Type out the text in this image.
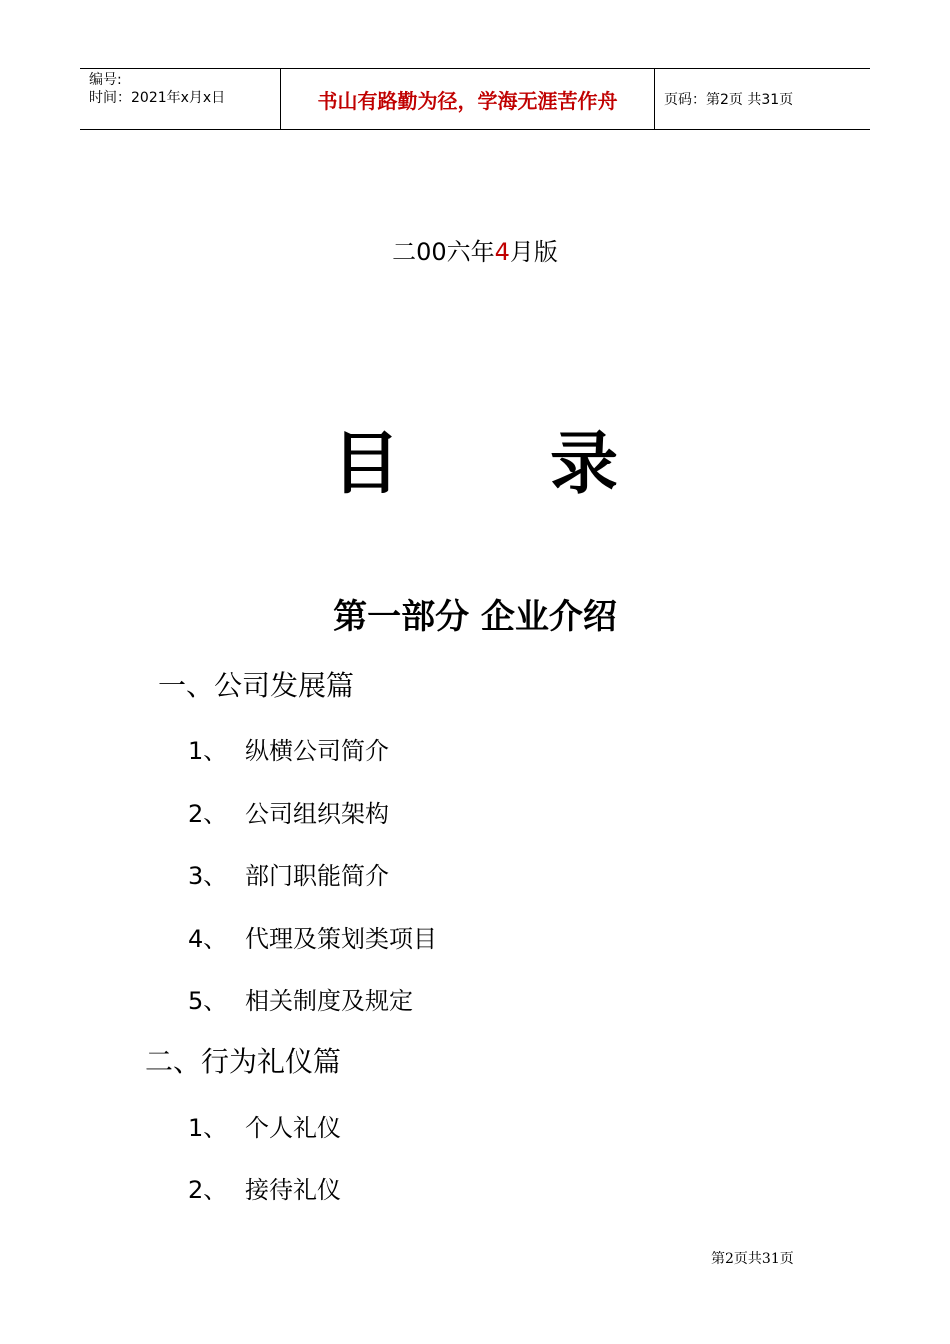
编号:
时间：2021年x月x日	书山有路勤为径，学海无涯苦作舟	页码：第2页 共31页
二00六年4月版
目 录
第一部分 企业介绍
一、公司发展篇
1、 纵横公司简介
2、 公司组织架构
3、 部门职能简介
4、 代理及策划类项目
5、 相关制度及规定
二、行为礼仪篇
1、 个人礼仪
2、 接待礼仪
第2页共31页
